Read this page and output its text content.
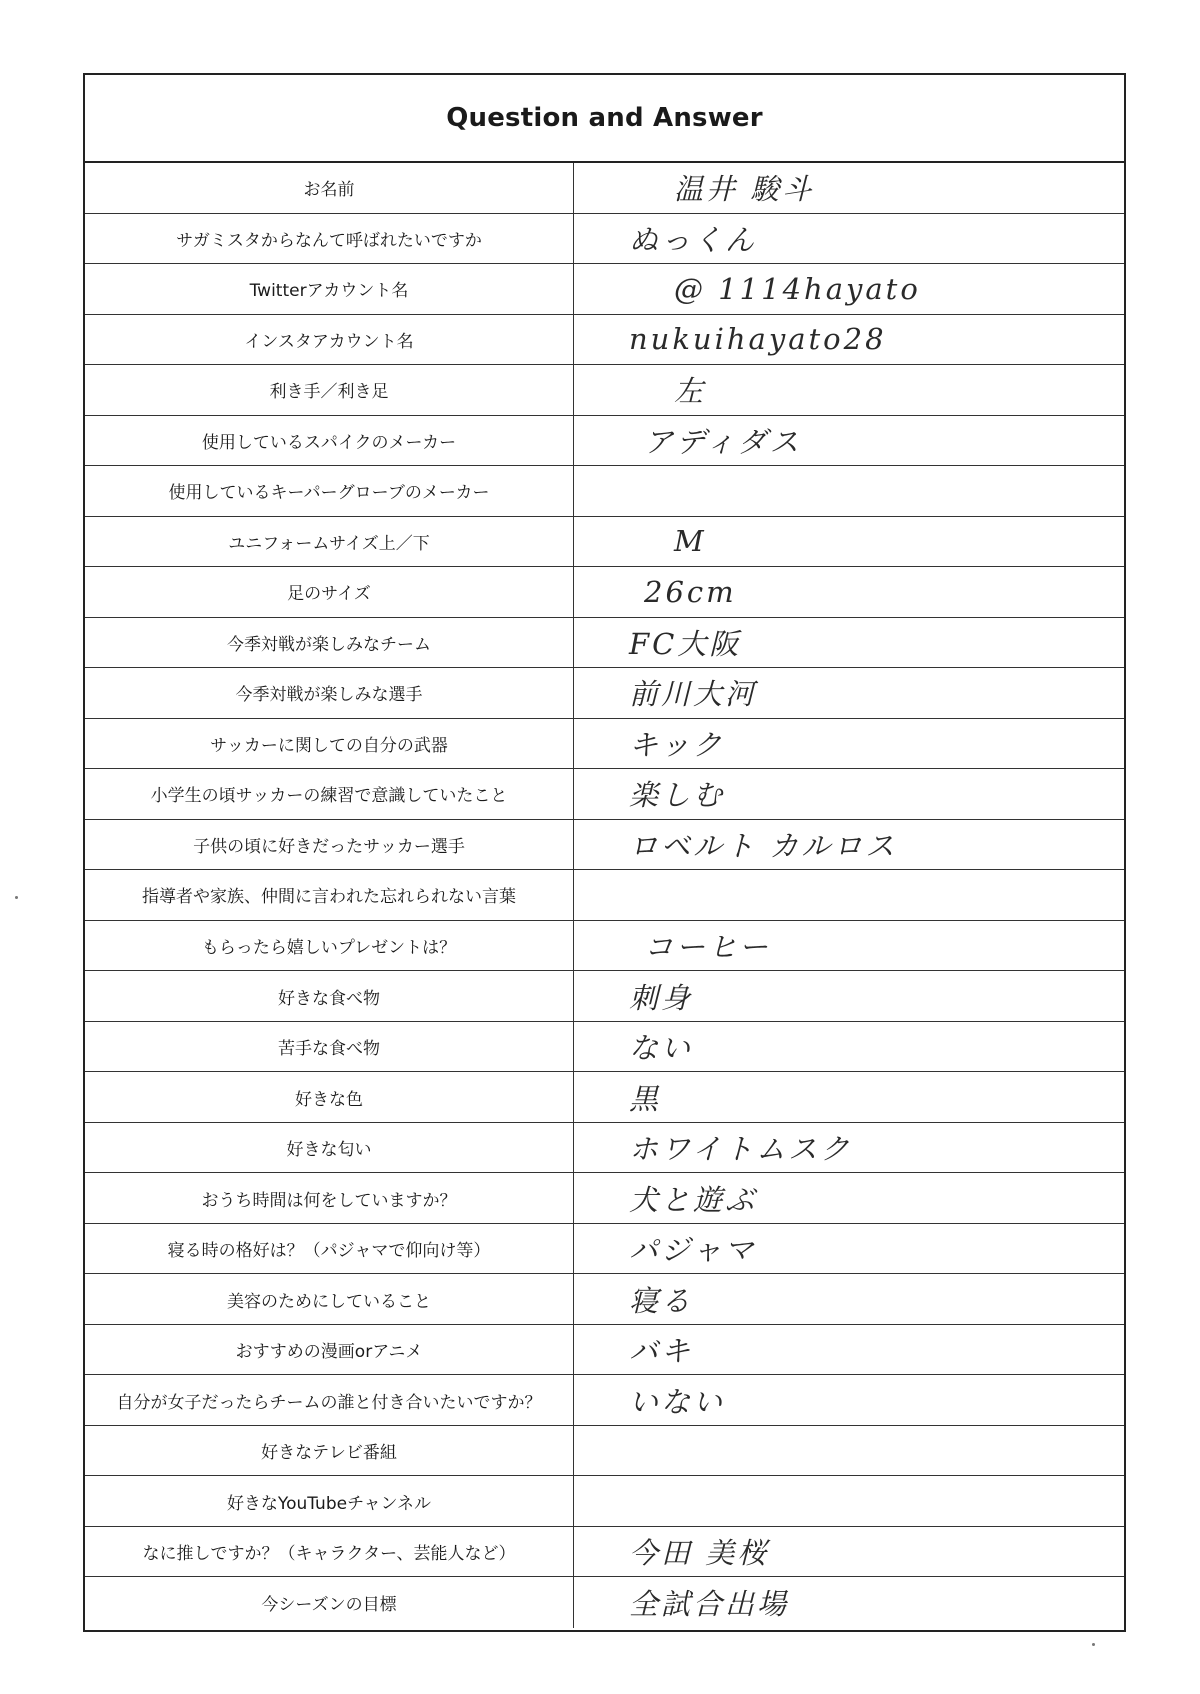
Question and Answer
お名前	温井 駿斗
サガミスタからなんて呼ばれたいですか	ぬっくん
Twitterアカウント名	@ 1114hayato
インスタアカウント名	nukuihayato28
利き手／利き足	左
使用しているスパイクのメーカー	アディダス
使用しているキーパーグローブのメーカー
ユニフォームサイズ上／下	M
足のサイズ	26cm
今季対戦が楽しみなチーム	FC大阪
今季対戦が楽しみな選手	前川大河
サッカーに関しての自分の武器	キック
小学生の頃サッカーの練習で意識していたこと	楽しむ
子供の頃に好きだったサッカー選手	ロベルト カルロス
指導者や家族、仲間に言われた忘れられない言葉
もらったら嬉しいプレゼントは？	コーヒー
好きな食べ物	刺身
苦手な食べ物	ない
好きな色	黒
好きな匂い	ホワイトムスク
おうち時間は何をしていますか？	犬と遊ぶ
寝る時の格好は？（パジャマで仰向け等）	パジャマ
美容のためにしていること	寝る
おすすめの漫画orアニメ	バキ
自分が女子だったらチームの誰と付き合いたいですか？	いない
好きなテレビ番組
好きなYouTubeチャンネル
なに推しですか？（キャラクター、芸能人など）	今田 美桜
今シーズンの目標	全試合出場
